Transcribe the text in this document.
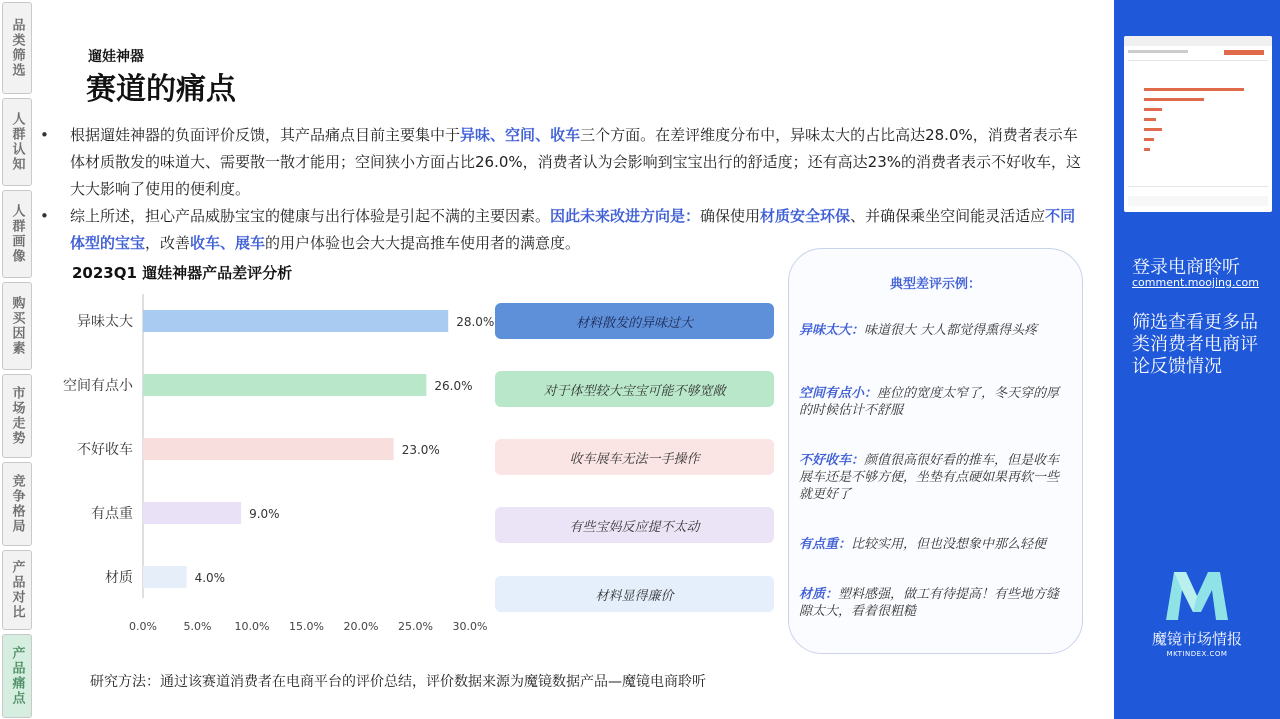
品类筛选
人群认知
人群画像
购买因素
市场走势
竞争格局
产品对比
产品痛点
遛娃神器
赛道的痛点
• 根据遛娃神器的负面评价反馈，其产品痛点目前主要集中于异味、空间、收车三个方面。在差评维度分布中，异味太大的占比高达28.0%，消费者表示车体材质散发的味道大、需要散一散才能用；空间狭小方面占比26.0%，消费者认为会影响到宝宝出行的舒适度；还有高达23%的消费者表示不好收车，这大大影响了使用的便利度。
• 综上所述，担心产品威胁宝宝的健康与出行体验是引起不满的主要因素。因此未来改进方向是：确保使用材质安全环保、并确保乘坐空间能灵活适应不同体型的宝宝，改善收车、展车的用户体验也会大大提高推车使用者的满意度。
2023Q1 遛娃神器产品差评分析
异味太大	28.0%
空间有点小	26.0%
不好收车	23.0%
有点重	9.0%
材质	4.0%
0.0% 5.0% 10.0% 15.0% 20.0% 25.0% 30.0%
材料散发的异味过大
对于体型较大宝宝可能不够宽敞
收车展车无法一手操作
有些宝妈反应提不太动
材料显得廉价
典型差评示例：
异味太大：味道很大 大人都觉得熏得头疼
空间有点小：座位的宽度太窄了，冬天穿的厚的时候估计不舒服
不好收车：颜值很高很好看的推车，但是收车展车还是不够方便，坐垫有点硬如果再软一些就更好了
有点重：比较实用，但也没想象中那么轻便
材质：塑料感强，做工有待提高！有些地方缝隙太大，看着很粗糙
研究方法：通过该赛道消费者在电商平台的评价总结，评价数据来源为魔镜数据产品—魔镜电商聆听
登录电商聆听
comment.moojing.com
筛选查看更多品类消费者电商评论反馈情况
魔镜市场情报
MKTINDEX.COM
